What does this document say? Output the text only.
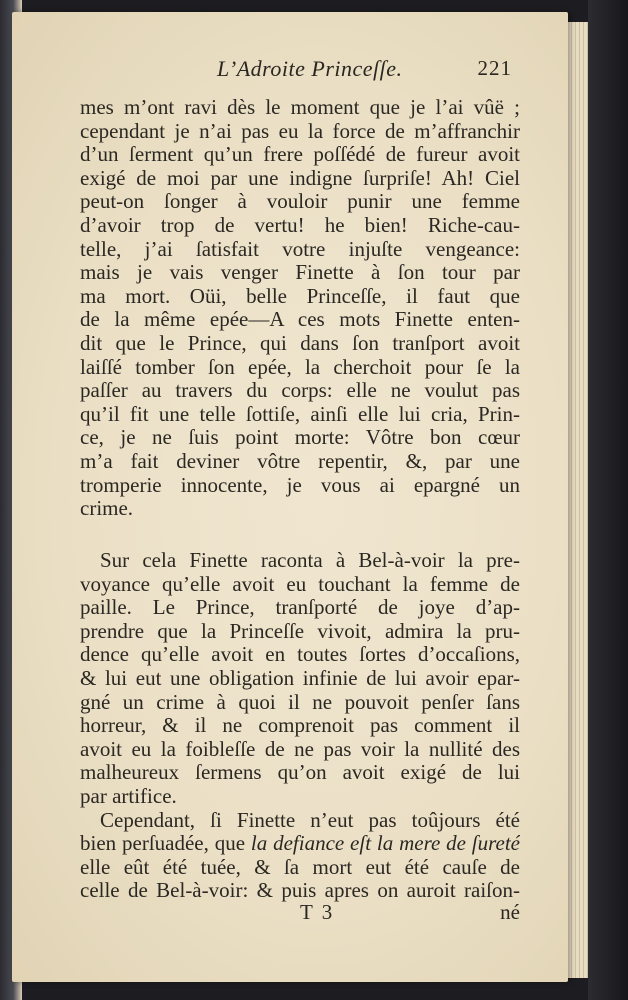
L’Adroite Princeſſe.	221
mes m’ont ravi dès le moment que je l’ai vûë ;
cependant je n’ai pas eu la force de m’affranchir
d’un ſerment qu’un frere poſſédé de fureur avoit
exigé de moi par une indigne ſurpriſe! Ah! Ciel
peut-on ſonger à vouloir punir une femme
d’avoir trop de vertu! he bien! Riche-cau-
telle, j’ai ſatisfait votre injuſte vengeance:
mais je vais venger Finette à ſon tour par
ma mort. Oüi, belle Princeſſe, il faut que
de la même epée—A ces mots Finette enten-
dit que le Prince, qui dans ſon tranſport avoit
laiſſé tomber ſon epée, la cherchoit pour ſe la
paſſer au travers du corps: elle ne voulut pas
qu’il fit une telle ſottiſe, ainſi elle lui cria, Prin-
ce, je ne ſuis point morte: Vôtre bon cœur
m’a fait deviner vôtre repentir, &, par une
tromperie innocente, je vous ai epargné un
crime.
Sur cela Finette raconta à Bel-à-voir la pre-
voyance qu’elle avoit eu touchant la femme de
paille. Le Prince, tranſporté de joye d’ap-
prendre que la Princeſſe vivoit, admira la pru-
dence qu’elle avoit en toutes ſortes d’occaſions,
& lui eut une obligation infinie de lui avoir epar-
gné un crime à quoi il ne pouvoit penſer ſans
horreur, & il ne comprenoit pas comment il
avoit eu la foibleſſe de ne pas voir la nullité des
malheureux ſermens qu’on avoit exigé de lui
par artifice.
Cependant, ſi Finette n’eut pas toûjours été
bien perſuadée, que la defiance eſt la mere de ſureté
elle eût été tuée, & ſa mort eut été cauſe de
celle de Bel-à-voir: & puis apres on auroit raiſon-
T 3	né
